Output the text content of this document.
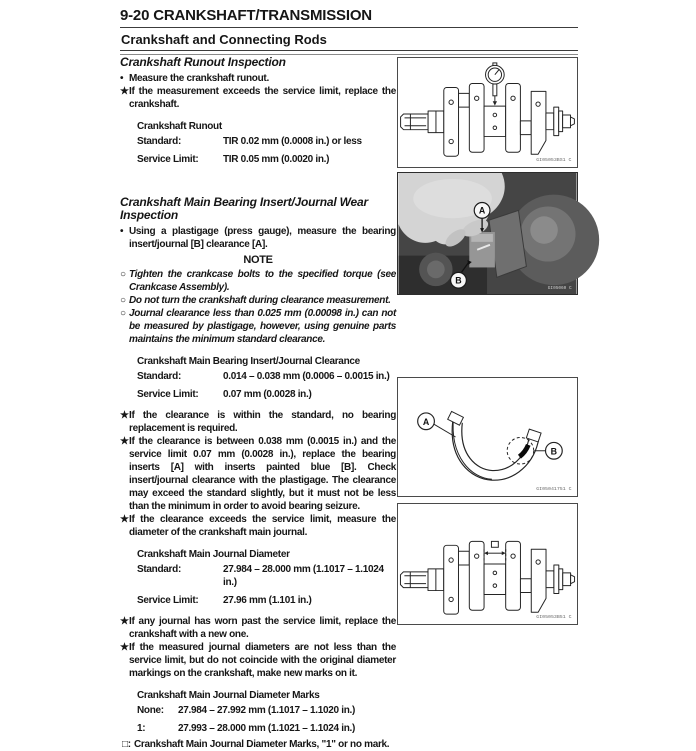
9-20 CRANKSHAFT/TRANSMISSION
Crankshaft and Connecting Rods
Crankshaft Runout Inspection
• Measure the crankshaft runout.
★ If the measurement exceeds the service limit, replace the crankshaft.
Crankshaft Runout
Standard:	TIR 0.02 mm (0.0008 in.) or less
Service Limit:	TIR 0.05 mm (0.0020 in.)
Crankshaft Main Bearing Insert/Journal Wear Inspection
• Using a plastigage (press gauge), measure the bearing insert/journal [B] clearance [A].
NOTE
○ Tighten the crankcase bolts to the specified torque (see Crankcase Assembly).
○ Do not turn the crankshaft during clearance measurement.
○ Journal clearance less than 0.025 mm (0.00098 in.) can not be measured by plastigage, however, using genuine parts maintains the minimum standard clearance.
Crankshaft Main Bearing Insert/Journal Clearance
Standard:	0.014 – 0.038 mm (0.0006 – 0.0015 in.)
Service Limit:	0.07 mm (0.0028 in.)
★ If the clearance is within the standard, no bearing replacement is required.
★ If the clearance is between 0.038 mm (0.0015 in.) and the service limit 0.07 mm (0.0028 in.), replace the bearing inserts [A] with inserts painted blue [B]. Check insert/journal clearance with the plastigage. The clearance may exceed the standard slightly, but it must not be less than the minimum in order to avoid bearing seizure.
★ If the clearance exceeds the service limit, measure the diameter of the crankshaft main journal.
Crankshaft Main Journal Diameter
Standard:	27.984 – 28.000 mm (1.1017 – 1.1024 in.)
Service Limit:	27.96 mm (1.101 in.)
★ If any journal has worn past the service limit, replace the crankshaft with a new one.
★ If the measured journal diameters are not less than the service limit, but do not coincide with the original diameter markings on the crankshaft, make new marks on it.
Crankshaft Main Journal Diameter Marks
None:	27.984 – 27.992 mm (1.1017 – 1.1020 in.)
1:	27.993 – 28.000 mm (1.1021 – 1.1024 in.)
□: Crankshaft Main Journal Diameter Marks, "1" or no mark.
GI05053BS1 C
A
B
GI05060 C
A
B
GI05041751 C
GI05053B51 C
